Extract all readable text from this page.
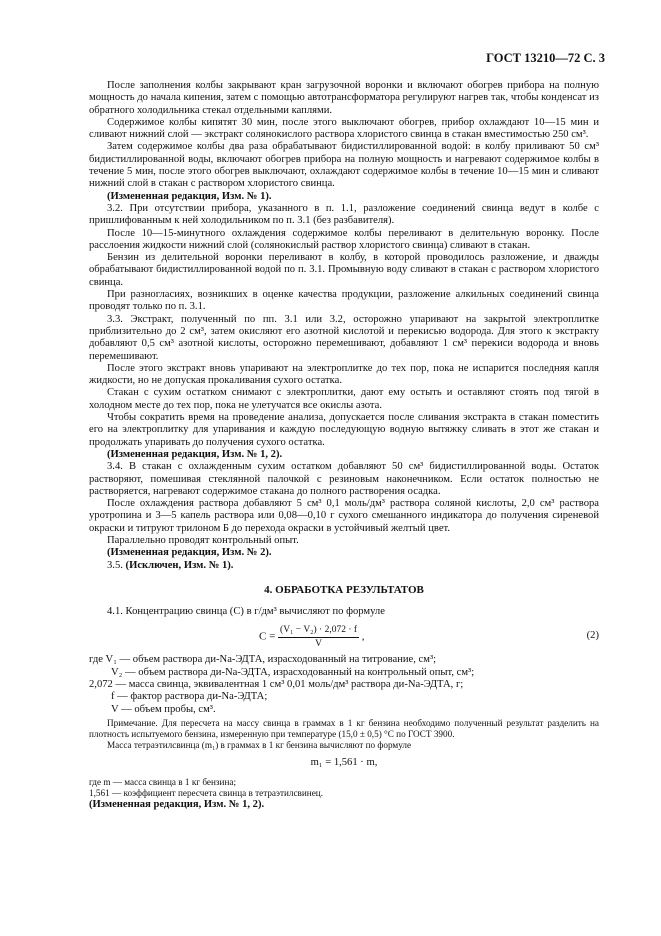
ГОСТ 13210—72 С. 3

После заполнения колбы закрывают кран загрузочной воронки и включают обогрев прибора на полную мощность до начала кипения, затем с помощью автотрансформатора регулируют нагрев так, чтобы конденсат из обратного холодильника стекал отдельными каплями.

Содержимое колбы кипятят 30 мин, после этого выключают обогрев, прибор охлаждают 10—15 мин и сливают нижний слой — экстракт солянокислого раствора хлористого свинца в стакан вместимостью 250 см³.

Затем содержимое колбы два раза обрабатывают бидистиллированной водой: в колбу приливают 50 см³ бидистиллированной воды, включают обогрев прибора на полную мощность и нагревают содержимое колбы в течение 5 мин, после этого обогрев выключают, охлаждают содержимое колбы в течение 10—15 мин и сливают нижний слой в стакан с раствором хлористого свинца.

(Измененная редакция, Изм. № 1).

3.2. При отсутствии прибора, указанного в п. 1.1, разложение соединений свинца ведут в колбе с пришлифованным к ней холодильником по п. 3.1 (без разбавителя).

После 10—15-минутного охлаждения содержимое колбы переливают в делительную воронку. После расслоения жидкости нижний слой (солянокислый раствор хлористого свинца) сливают в стакан.

Бензин из делительной воронки переливают в колбу, в которой проводилось разложение, и дважды обрабатывают бидистиллированной водой по п. 3.1. Промывную воду сливают в стакан с раствором хлористого свинца.

При разногласиях, возникших в оценке качества продукции, разложение алкильных соединений свинца проводят только по п. 3.1.

3.3. Экстракт, полученный по пп. 3.1 или 3.2, осторожно упаривают на закрытой электроплитке приблизительно до 2 см³, затем окисляют его азотной кислотой и перекисью водорода. Для этого к экстракту добавляют 0,5 см³ азотной кислоты, осторожно перемешивают, добавляют 1 см³ перекиси водорода и вновь перемешивают.

После этого экстракт вновь упаривают на электроплитке до тех пор, пока не испарится последняя капля жидкости, но не допуская прокаливания сухого остатка.

Стакан с сухим остатком снимают с электроплитки, дают ему остыть и оставляют стоять под тягой в холодном месте до тех пор, пока не улетучатся все окислы азота.

Чтобы сократить время на проведение анализа, допускается после сливания экстракта в стакан поместить его на электроплитку для упаривания и каждую последующую водную вытяжку сливать в этот же стакан и продолжать упаривать до получения сухого остатка.

(Измененная редакция, Изм. № 1, 2).

3.4. В стакан с охлажденным сухим остатком добавляют 50 см³ бидистиллированной воды. Остаток растворяют, помешивая стеклянной палочкой с резиновым наконечником. Если остаток полностью не растворяется, нагревают содержимое стакана до полного растворения осадка.

После охлаждения раствора добавляют 5 см³ 0,1 моль/дм³ раствора соляной кислоты, 2,0 см³ раствора уротропина и 3—5 капель раствора или 0,08—0,10 г сухого смешанного индикатора до получения сиреневой окраски и титруют трилоном Б до перехода окраски в устойчивый желтый цвет.

Параллельно проводят контрольный опыт.

(Измененная редакция, Изм. № 2).

3.5. (Исключен, Изм. № 1).

4. ОБРАБОТКА РЕЗУЛЬТАТОВ

4.1. Концентрацию свинца (С) в г/дм³ вычисляют по формуле

$C = \frac{\text{(V₁ − V₂) · 2,072 · f}}{V}$ ,	(2)
где V₁ — объем раствора ди-Na-ЭДТА, израсходованный на титрование, см³;
V₂ — объем раствора ди-Na-ЭДТА, израсходованный на контрольный опыт, см³;
2,072 — масса свинца, эквивалентная 1 см³ 0,01 моль/дм³ раствора ди-Na-ЭДТА, г;
f — фактор раствора ди-Na-ЭДТА;
V — объем пробы, см³.

Примечание. Для пересчета на массу свинца в граммах в 1 кг бензина необходимо полученный результат разделить на плотность испытуемого бензина, измеренную при температуре (15,0 ± 0,5) °С по ГОСТ 3900.

Масса тетраэтилсвинца (m₁) в граммах в 1 кг бензина вычисляют по формуле

m₁ = 1,561 · m,
где m — масса свинца в 1 кг бензина;
1,561 — коэффициент пересчета свинца в тетраэтилсвинец.

(Измененная редакция, Изм. № 1, 2).
